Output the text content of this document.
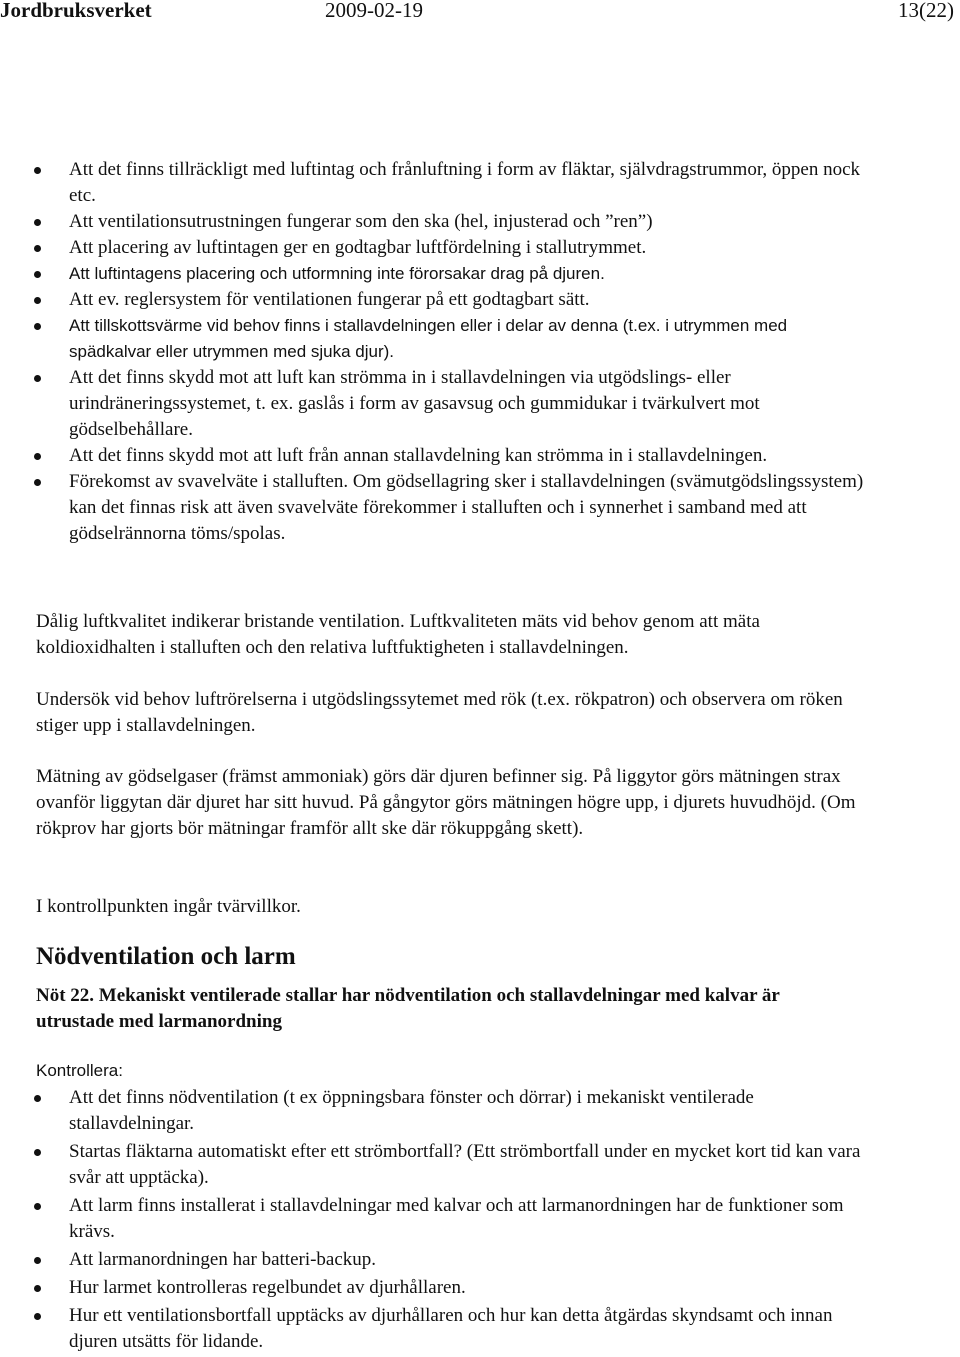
Jordbruksverket	2009-02-19	13(22)
Att det finns tillräckligt med luftintag och frånluftning i form av fläktar, självdragstrummor, öppen nock etc.
Att ventilationsutrustningen fungerar som den ska (hel, injusterad och ”ren”)
Att placering av luftintagen ger en godtagbar luftfördelning i stallutrymmet.
Att luftintagens placering och utformning inte förorsakar drag på djuren.
Att ev. reglersystem för ventilationen fungerar på ett godtagbart sätt.
Att tillskottsvärme vid behov finns i stallavdelningen eller i delar av denna (t.ex. i utrymmen med spädkalvar eller utrymmen med sjuka djur).
Att det finns skydd mot att luft kan strömma in i stallavdelningen via utgödslings- eller urindräneringssystemet, t. ex. gaslås i form av gasavsug och gummidukar i tvärkulvert mot gödselbehållare.
Att det finns skydd mot att luft från annan stallavdelning kan strömma in i stallavdelningen.
Förekomst av svavelväte i stalluften. Om gödsellagring sker i stallavdelningen (svämutgödslingssystem) kan det finnas risk att även svavelväte förekommer i stalluften och i synnerhet i samband med att gödselrännorna töms/spolas.

Dålig luftkvalitet indikerar bristande ventilation. Luftkvaliteten mäts vid behov genom att mäta koldioxidhalten i stalluften och den relativa luftfuktigheten i stallavdelningen.

Undersök vid behov luftrörelserna i utgödslingssytemet med rök (t.ex. rökpatron) och observera om röken stiger upp i stallavdelningen.

Mätning av gödselgaser (främst ammoniak) görs där djuren befinner sig. På liggytor görs mätningen strax ovanför liggytan där djuret har sitt huvud. På gångytor görs mätningen högre upp, i djurets huvudhöjd. (Om rökprov har gjorts bör mätningar framför allt ske där rökuppgång skett).

I kontrollpunkten ingår tvärvillkor.

Nödventilation och larm

Nöt 22. Mekaniskt ventilerade stallar har nödventilation och stallavdelningar med kalvar är utrustade med larmanordning

Kontrollera:

Att det finns nödventilation (t ex öppningsbara fönster och dörrar) i mekaniskt ventilerade stallavdelningar.
Startas fläktarna automatiskt efter ett strömbortfall? (Ett strömbortfall under en mycket kort tid kan vara svår att upptäcka).
Att larm finns installerat i stallavdelningar med kalvar och att larmanordningen har de funktioner som krävs.
Att larmanordningen har batteri-backup.
Hur larmet kontrolleras regelbundet av djurhållaren.
Hur ett ventilationsbortfall upptäcks av djurhållaren och hur kan detta åtgärdas skyndsamt och innan djuren utsätts för lidande.
